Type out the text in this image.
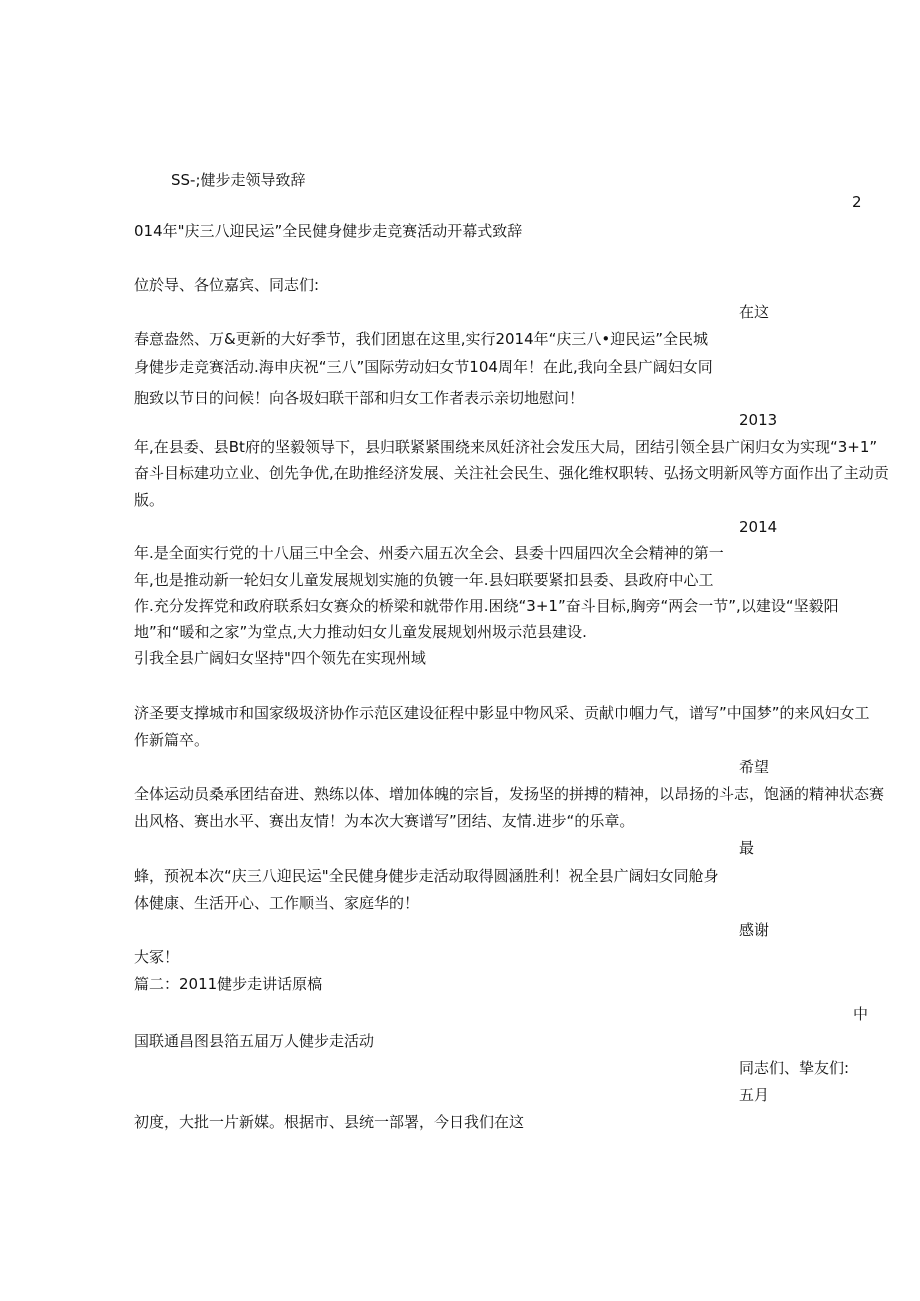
SS-;健步走领导致辞
2
014年"庆三八迎民运”全民健身健步走竞赛活动开幕式致辞
位於导、各位嘉宾、同志们:
在这
春意盎然、万&更新的大好季节，我们团崽在这里,实行2014年“庆三八•迎民运”全民城
身健步走竞赛活动.海申庆祝“三八”国际劳动妇女节104周年！在此,我向全县广阔妇女同
胞致以节日的问候！向各圾妇联干部和归女工作者表示亲切地慰问！
2013
年,在县委、县Bt府的坚毅领导下，县归联紧紧围绕来凤妊济社会发压大局，团结引领全县广闲归女为实现“3+1”
奋斗目标建功立业、创先争优,在助推经济发展、关注社会民生、强化维权职转、弘扬文明新风等方面作出了主动贡
版。
2014
年.是全面实行党的十八届三中全会、州委六届五次全会、县委十四届四次全会精神的第一
年,也是推动新一轮妇女儿童发展规划实施的负镀一年.县妇联要紧扣县委、县政府中心工
作.充分发挥党和政府联系妇女赛众的桥梁和就带作用.困绕“3+1”奋斗目标,胸旁“两会一节”,以建设“坚毅阳
地”和“暖和之家”为堂点,大力推动妇女儿童发展规划州圾示范县建设.
引我全县广阔妇女坚持"四个领先在实现州域
济圣要支撑城市和国家级圾济协作示范区建设征程中影显中物风采、贡献巾帼力气，谱写”中国梦”的来风妇女工
作新篇卒。
希望
全体运动员桑承团结奋进、熟练以体、增加体魄的宗旨，发扬坚的拼搏的精神，以昂扬的斗志，饱涵的精神状态赛
出风格、赛出水平、赛出友情！为本次大赛谱写”团结、友情.进步“的乐章。
最
蜂，预祝本次“庆三八迎民运"全民健身健步走活动取得圆涵胜利！祝全县广阔妇女同舱身
体健康、生活开心、工作顺当、家庭华的！
感谢
大冢！
篇二：2011健步走讲话原槁
中
国联通昌图县箔五届万人健步走活动
同志们、挚友们:
五月
初度，大批一片新媒。根据市、县统一部署，今日我们在这
